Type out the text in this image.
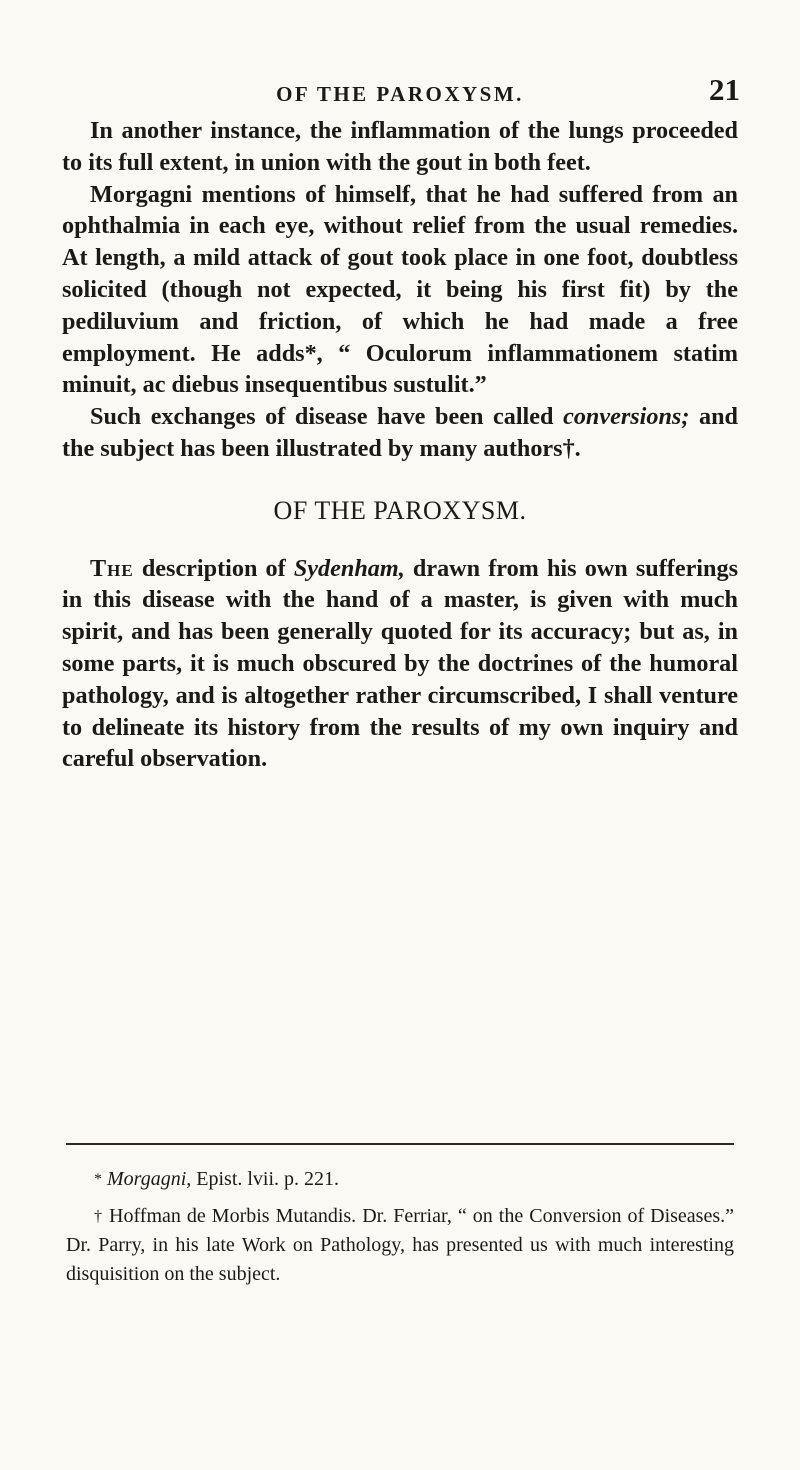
OF THE PAROXYSM.	21

In another instance, the inflammation of the lungs proceeded to its full extent, in union with the gout in both feet.

Morgagni mentions of himself, that he had suffered from an ophthalmia in each eye, without relief from the usual remedies. At length, a mild attack of gout took place in one foot, doubtless solicited (though not expected, it being his first fit) by the pediluvium and friction, of which he had made a free employment. He adds*, “ Oculorum inflammationem statim minuit, ac diebus insequentibus sustulit.”

Such exchanges of disease have been called conversions; and the subject has been illustrated by many authors†.

OF THE PAROXYSM.

The description of Sydenham, drawn from his own sufferings in this disease with the hand of a master, is given with much spirit, and has been generally quoted for its accuracy; but as, in some parts, it is much obscured by the doctrines of the humoral pathology, and is altogether rather circumscribed, I shall venture to delineate its history from the results of my own inquiry and careful observation.

* Morgagni, Epist. lvii. p. 221.

† Hoffman de Morbis Mutandis. Dr. Ferriar, “ on the Conversion of Diseases.” Dr. Parry, in his late Work on Pathology, has presented us with much interesting disquisition on the subject.
